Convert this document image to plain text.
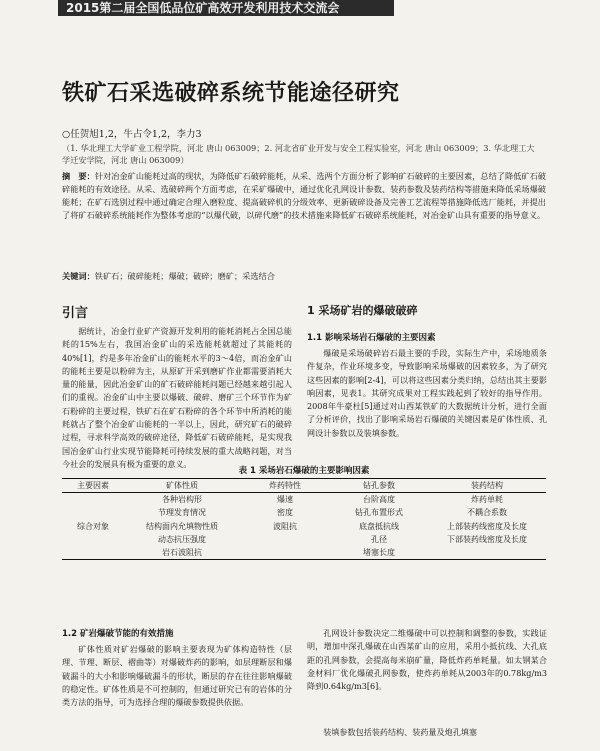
2015第二届全国低品位矿高效开发利用技术交流会
铁矿石采选破碎系统节能途径研究
○任贺旭1,2，牛占令1,2，李力3
（1. 华北理工大学矿业工程学院，河北 唐山 063009；2. 河北省矿业开发与安全工程实验室，河北 唐山 063009；3. 华北理工大学迁安学院，河北 唐山 063009）
摘　要：针对冶金矿山能耗过高的现状，为降低矿石破碎能耗，从采、选两个方面分析了影响矿石破碎的主要因素，总结了降低矿石破碎能耗的有效途径。从采、选破碎两个方面考虑，在采矿爆破中，通过优化孔网设计参数、装药参数及装药结构等措施来降低采场爆破能耗；在矿石选别过程中通过确定合理入磨粒度、提高破碎机的分级效率、更新破碎设备及完善工艺流程等措施降低选厂能耗，并提出了将矿石破碎系统能耗作为整体考虑的“以爆代破，以碎代磨”的技术措施来降低矿石破碎系统能耗，对冶金矿山具有重要的指导意义。
关键词：铁矿石；破碎能耗；爆破；破碎；磨矿；采选结合
引言
据统计，冶金行业矿产资源开发利用的能耗消耗占全国总能耗的15%左右，我国冶金矿山的采选能耗就超过了其能耗的40%[1]，约是多年冶金矿山的能耗水平的3～4倍，而冶金矿山的能耗主要是以粉碎为主，从原矿开采到磨矿作业都需要消耗大量的能量，因此冶金矿山的矿石破碎能耗问题已经越来越引起人们的重视。冶金矿山中主要以爆破、破碎、磨矿三个环节作为矿石粉碎的主要过程，铁矿石在矿石粉碎的各个环节中所消耗的能耗就占了整个冶金矿山能耗的一半以上，因此，研究矿石的破碎过程，寻求科学高效的破碎途径，降低矿石破碎能耗，是实现我国冶金矿山行业实现节能降耗可持续发展的重大战略问题，对当今社会的发展具有极为重要的意义。
1 采场矿岩的爆破破碎
1.1 影响采场岩石爆破的主要因素
爆破是采场破碎岩石最主要的手段，实际生产中，采场地质条件复杂，作业环境多变，导致影响采场爆破的因素较多，为了研究这些因素的影响[2-4]，可以将这些因素分类归纳，总结出其主要影响因素，见表1。其研究成果对工程实践起到了较好的指导作用。2008年牛豪杜[5]通过对山西某铁矿的大数据统计分析，进行全面了分析评价，找出了影响采场岩石爆破的关键因素是矿体性质、孔网设计参数以及装填参数。
表 1 采场岩石爆破的主要影响因素
主要因素	矿体性质	炸药特性	钻孔参数	装药结构
综合对象	各种岩构形	爆速	台阶高度	炸药单耗
	节理发育情况	密度	钻孔布置形式	不耦合系数
	结构面内允填物性质	波阻抗	底盘抵抗线	上部装药线密度及长度
	动态抗压强度		孔径	下部装药线密度及长度
	岩石波阻抗		堵塞长度	
1.2 矿岩爆破节能的有效措施
矿体性质对矿岩爆破的影响主要表现为矿体构造特性（层理、节理、断层、褶曲等）对爆破炸药的影响，如层理断层和爆破漏斗的大小和影响爆破漏斗的形状，断层的存在往往影响爆破的稳定性。矿体性质是不可控制的，但通过研究已有的岩体的分类方法的指导，可为选择合理的爆破参数提供依据。
孔网设计参数决定二维爆破中可以控制和调整的参数，实践证明，增加中深孔爆破在山西某矿山的应用，采用小抵抗线、大孔底距的孔网参数，会提高每米崩矿量，降低炸药单耗量。如太钢某合金材料厂优化爆破孔网参数，使炸药单耗从2003年的0.78kg/m3降到0.64kg/m3[6]。
装填参数包括装药结构、装药量及炮孔填塞
